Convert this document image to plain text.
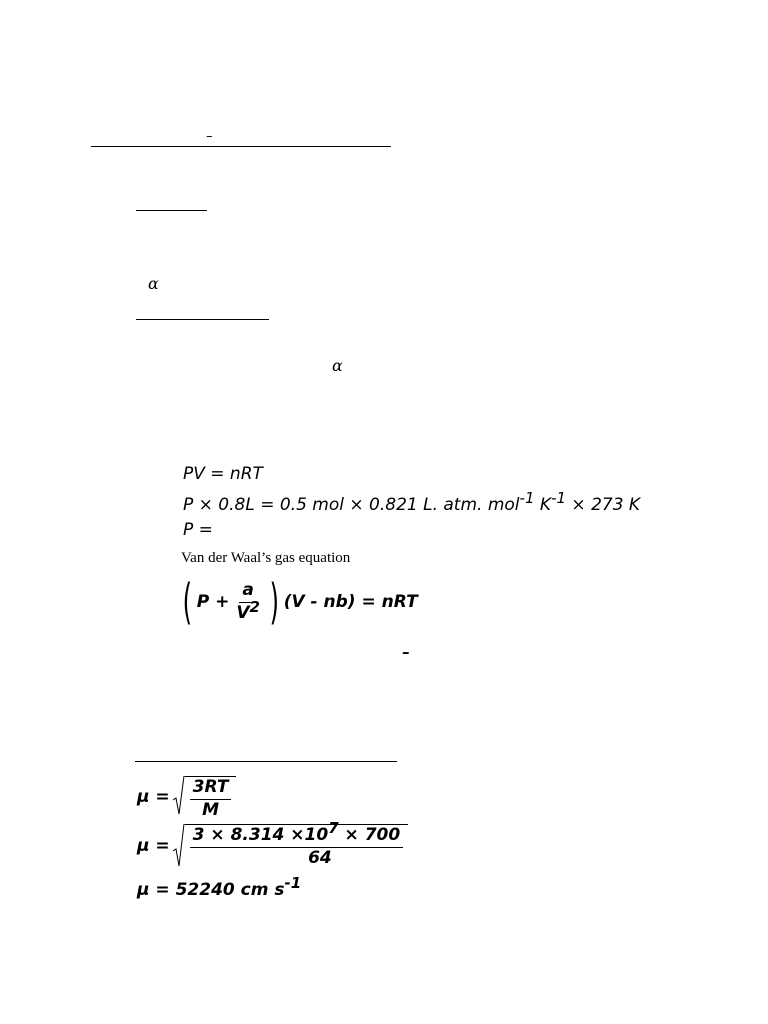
–
α
α
PV = nRT
P × 0.8L = 0.5 mol × 0.821 L. atm. mol$^{-1}$ $K^{-1} \times 273$ K
P =
Van der Waal’s gas equation
( $P + \frac{a}{V^2}$ ) (V - nb) = nRT
–
$\mu = \frac{3RT}{M}$
$\mu = \frac{3 \times 8.314 \times 10^7 \times 700}{64}$
μ = 52240 cm $s^{-1}$
